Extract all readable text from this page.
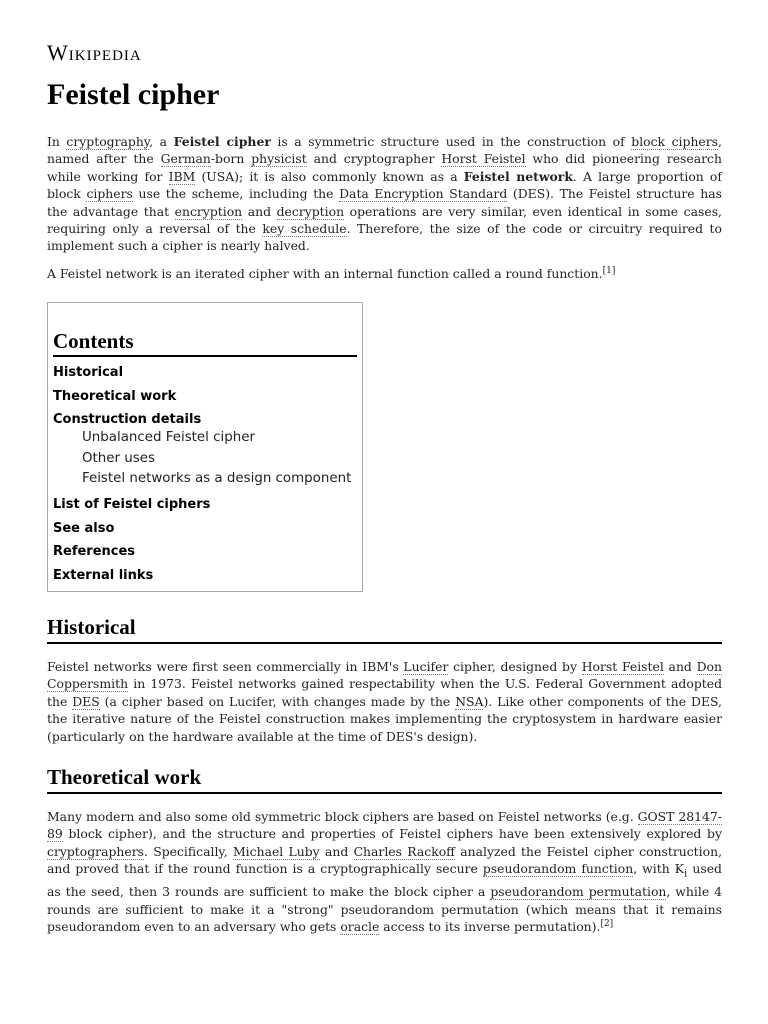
Wikipedia
Feistel cipher

In cryptography, a Feistel cipher is a symmetric structure used in the construction of block ciphers, named after the German-born physicist and cryptographer Horst Feistel who did pioneering research while working for IBM (USA); it is also commonly known as a Feistel network. A large proportion of block ciphers use the scheme, including the Data Encryption Standard (DES). The Feistel structure has the advantage that encryption and decryption operations are very similar, even identical in some cases, requiring only a reversal of the key schedule. Therefore, the size of the code or circuitry required to implement such a cipher is nearly halved.

A Feistel network is an iterated cipher with an internal function called a round function.[1]

Contents
Historical
Theoretical work
Construction details
Unbalanced Feistel cipher
Other uses
Feistel networks as a design component
List of Feistel ciphers
See also
References
External links
Historical

Feistel networks were first seen commercially in IBM's Lucifer cipher, designed by Horst Feistel and Don Coppersmith in 1973. Feistel networks gained respectability when the U.S. Federal Government adopted the DES (a cipher based on Lucifer, with changes made by the NSA). Like other components of the DES, the iterative nature of the Feistel construction makes implementing the cryptosystem in hardware easier (particularly on the hardware available at the time of DES's design).

Theoretical work

Many modern and also some old symmetric block ciphers are based on Feistel networks (e.g. GOST 28147-89 block cipher), and the structure and properties of Feistel ciphers have been extensively explored by cryptographers. Specifically, Michael Luby and Charles Rackoff analyzed the Feistel cipher construction, and proved that if the round function is a cryptographically secure pseudorandom function, with $K_i$ used as the seed, then 3 rounds are sufficient to make the block cipher a pseudorandom permutation, while 4 rounds are sufficient to make it a "strong" pseudorandom permutation (which means that it remains pseudorandom even to an adversary who gets oracle access to its inverse permutation).[2]
